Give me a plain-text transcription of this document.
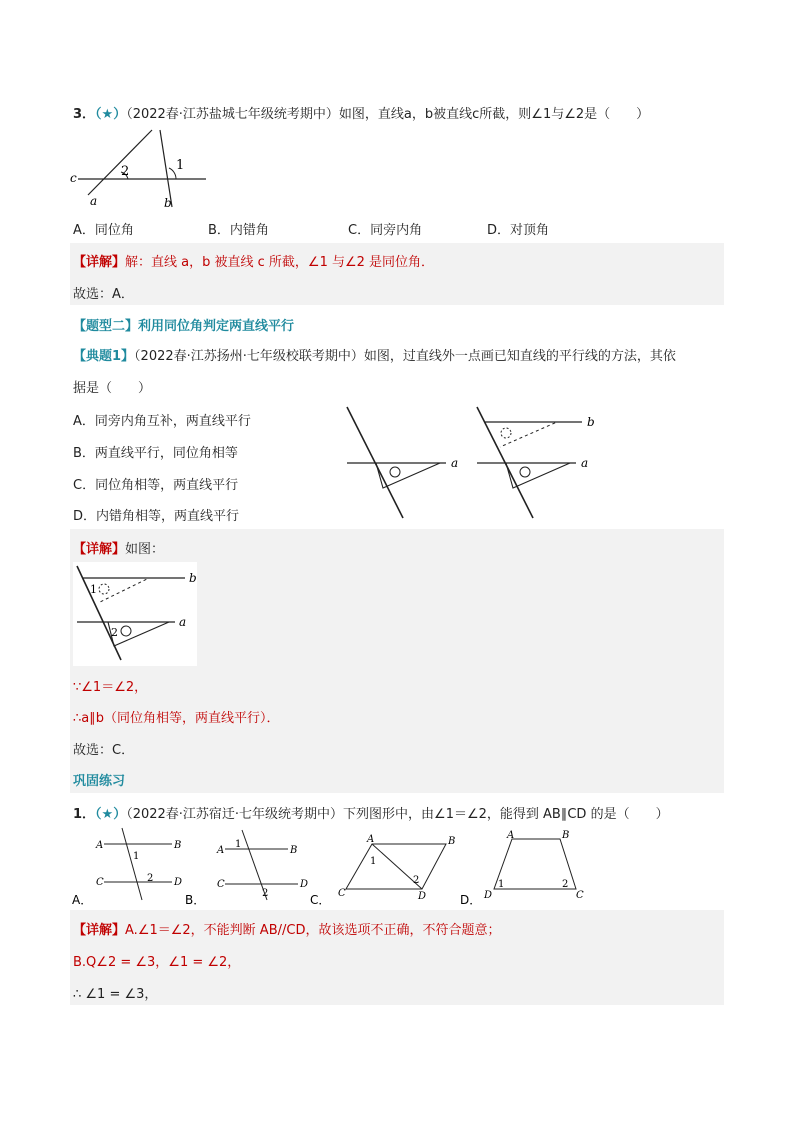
3．（★）（2022春·江苏盐城七年级统考期中）如图，直线a，b被直线c所截，则∠1与∠2是（　　）
c
a	b
1
2
A．同位角	B．内错角	C．同旁内角	D．对顶角
【详解】解：直线 a，b 被直线 c 所截，∠1 与∠2 是同位角．
故选：A．
【题型二】利用同位角判定两直线平行
【典题1】（2022春·江苏扬州·七年级校联考期中）如图，过直线外一点画已知直线的平行线的方法，其依
据是（　　）
A．同旁内角互补，两直线平行
B．两直线平行，同位角相等
C．同位角相等，两直线平行
D．内错角相等，两直线平行
a	a
b
【详解】如图：
b
1
a
2
∵∠1＝∠2，
∴a∥b（同位角相等，两直线平行）．
故选：C．
巩固练习
1．（★）（2022春·江苏宿迁·七年级统考期中）下列图形中，由∠1＝∠2，能得到 AB∥CD 的是（　　）
A	B
C	D
1
2
A．
A	B
C	D
1
2
B．
A	B
C	D
1
2
C．
A	B
D	C
1	2
D．
【详解】A.∠1＝∠2，不能判断 AB//CD，故该选项不正确，不符合题意；
B.Q∠2 = ∠3，∠1 = ∠2，
∴ ∠1 = ∠3，
